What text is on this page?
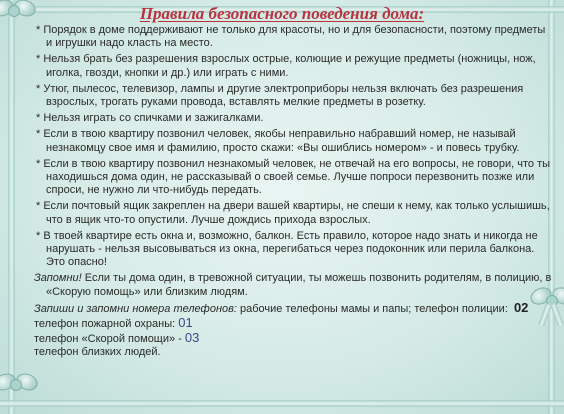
Правила безопасного поведения дома:

* Порядок в доме поддерживают не только для красоты, но и для безопасности, поэтому предметы и игрушки надо класть на место.

* Нельзя брать без разрешения взрослых острые, колющие и режущие предметы (ножницы, нож, иголка, гвозди, кнопки и др.) или играть с ними.

* Утюг, пылесос, телевизор, лампы и другие электроприборы нельзя включать без разрешения взрослых, трогать руками провода, вставлять мелкие предметы в розетку.

* Нельзя играть со спичками и зажигалками.

* Если в твою квартиру позвонил человек, якобы неправильно набравший номер, не называй незнакомцу свое имя и фамилию, просто скажи: «Вы ошиблись номером» - и повесь трубку.

* Если в твою квартиру позвонил незнакомый человек, не отвечай на его вопросы, не говори, что ты находишься дома один, не рассказывай о своей семье. Лучше попроси перезвонить позже или спроси, не нужно ли что-нибудь передать.

* Если почтовый ящик закреплен на двери вашей квартиры, не спеши к нему, как только услышишь, что в ящик что-то опустили. Лучше дождись прихода взрослых.

* В твоей квартире есть окна и, возможно, балкон. Есть правило, которое надо знать и никогда не нарушать - нельзя высовываться из окна, перегибаться через подоконник или перила балкона. Это опасно!

Запомни! Если ты дома один, в тревожной ситуации, ты можешь позвонить родителям, в полицию, в «Скорую помощь» или близким людям.

Запиши и запомни номера телефонов: рабочие телефоны мамы и папы; телефон полиции: 02

телефон пожарной охраны: 01

телефон «Скорой помощи» - 03

телефон близких людей.
